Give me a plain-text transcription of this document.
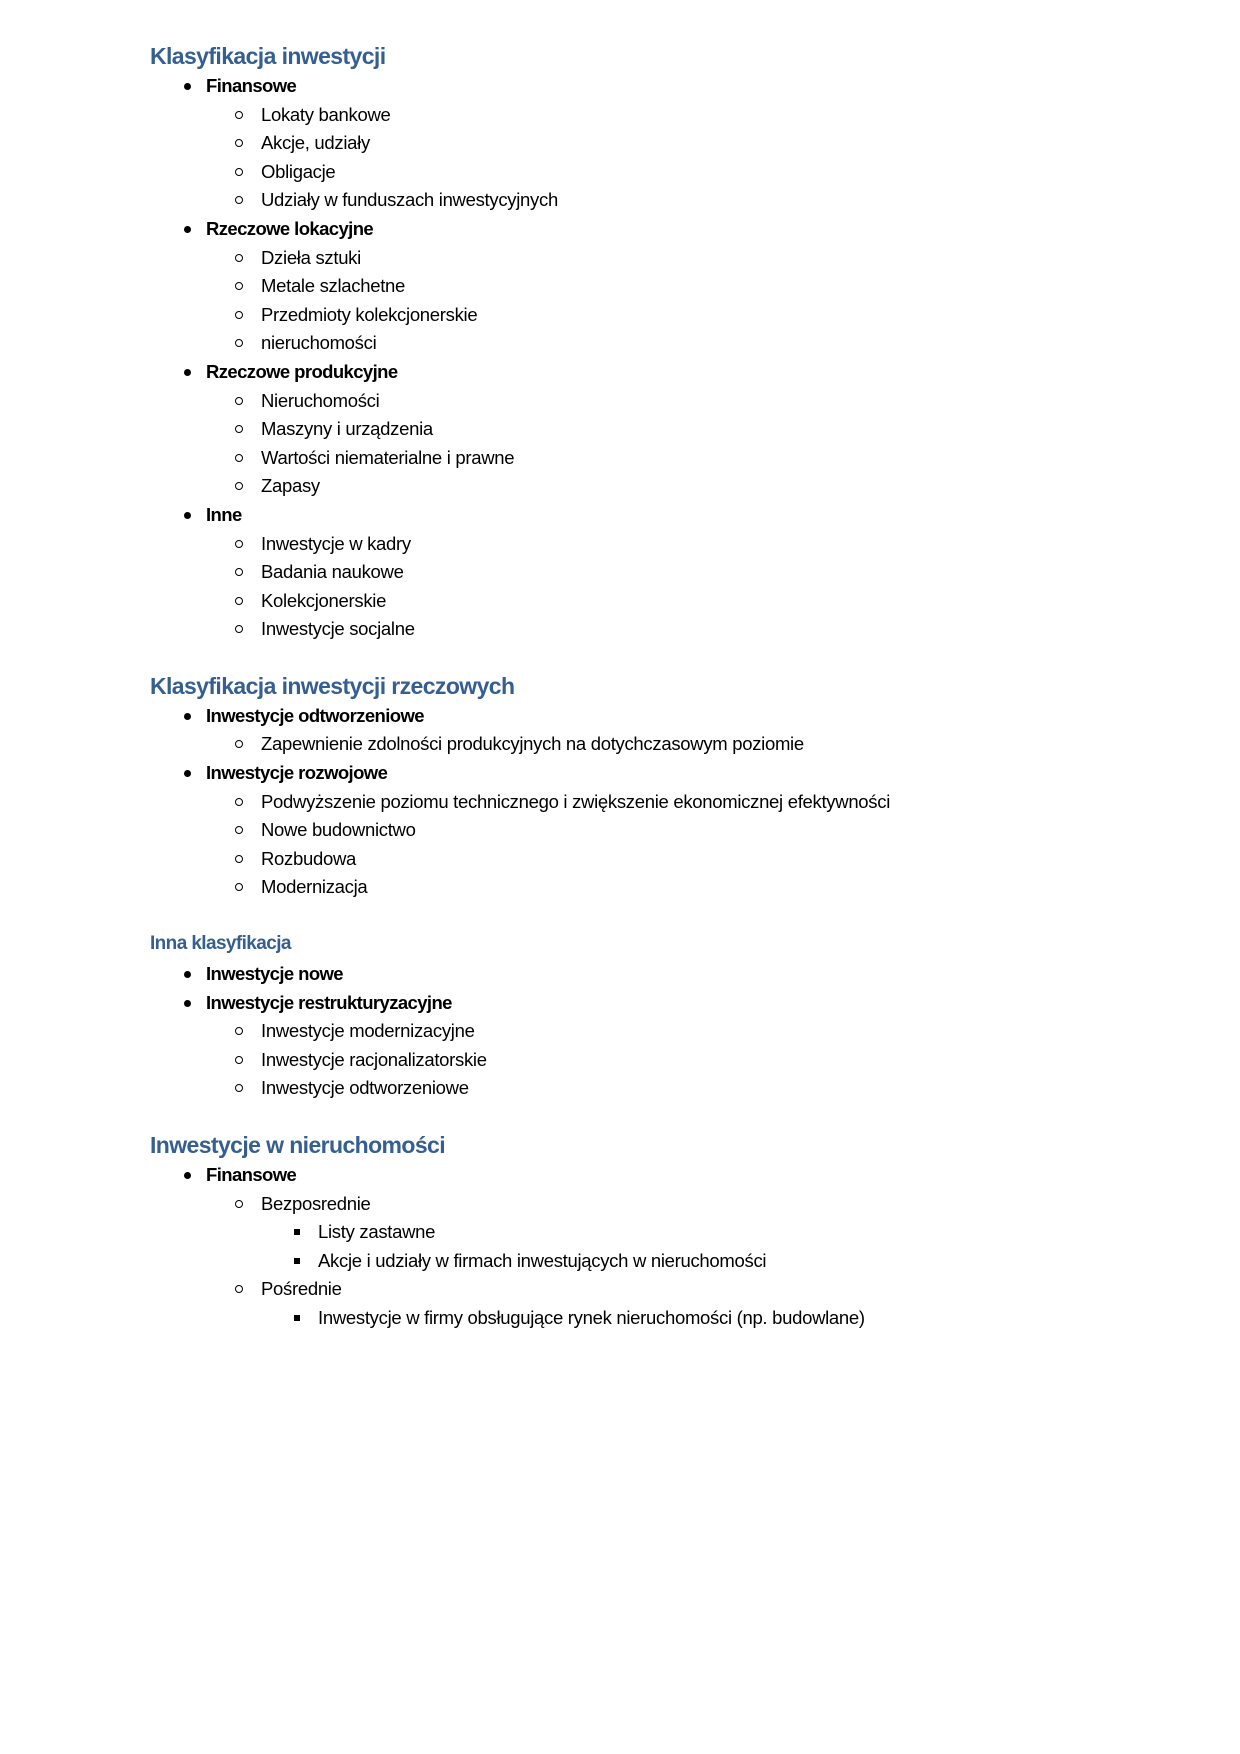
Klasyfikacja inwestycji
Finansowe
Lokaty bankowe
Akcje, udziały
Obligacje
Udziały w funduszach inwestycyjnych
Rzeczowe lokacyjne
Dzieła sztuki
Metale szlachetne
Przedmioty kolekcjonerskie
nieruchomości
Rzeczowe produkcyjne
Nieruchomości
Maszyny i urządzenia
Wartości niematerialne i prawne
Zapasy
Inne
Inwestycje w kadry
Badania naukowe
Kolekcjonerskie
Inwestycje socjalne
Klasyfikacja inwestycji rzeczowych
Inwestycje odtworzeniowe
Zapewnienie zdolności produkcyjnych na dotychczasowym poziomie
Inwestycje rozwojowe
Podwyższenie poziomu technicznego i zwiększenie ekonomicznej efektywności
Nowe budownictwo
Rozbudowa
Modernizacja
Inna klasyfikacja
Inwestycje nowe
Inwestycje restrukturyzacyjne
Inwestycje modernizacyjne
Inwestycje racjonalizatorskie
Inwestycje odtworzeniowe
Inwestycje w nieruchomości
Finansowe
Bezposrednie
Listy zastawne
Akcje i udziały w firmach inwestujących w nieruchomości
Pośrednie
Inwestycje w firmy obsługujące rynek nieruchomości (np. budowlane)
